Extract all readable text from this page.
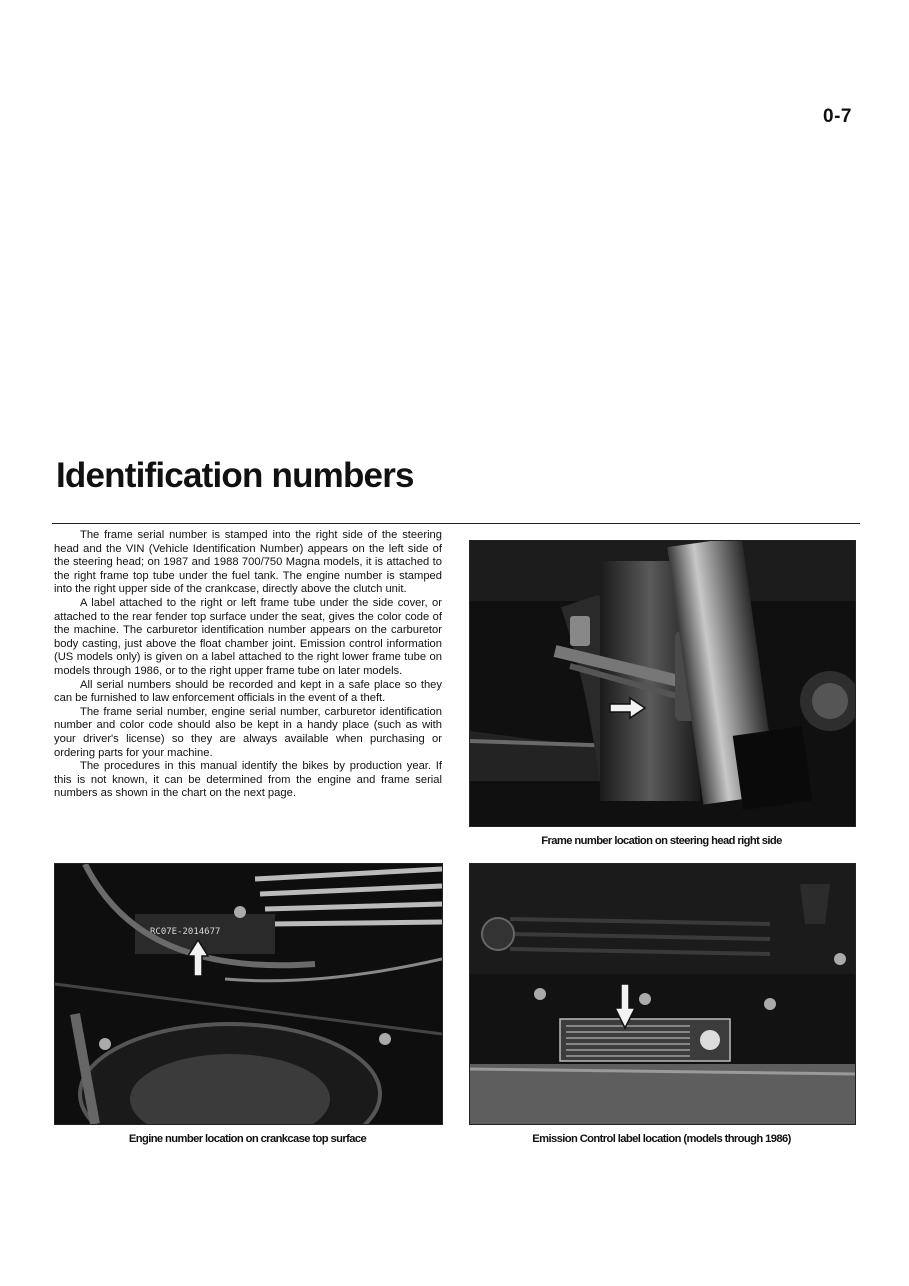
0-7
Identification numbers

The frame serial number is stamped into the right side of the steering head and the VIN (Vehicle Identification Number) appears on the left side of the steering head; on 1987 and 1988 700/750 Magna models, it is attached to the right frame top tube under the fuel tank. The engine number is stamped into the right upper side of the crankcase, directly above the clutch unit.

A label attached to the right or left frame tube under the side cover, or attached to the rear fender top surface under the seat, gives the color code of the machine. The carburetor identification number appears on the carburetor body casting, just above the float chamber joint. Emission control information (US models only) is given on a label attached to the right lower frame tube on models through 1986, or to the right upper frame tube on later models.

All serial numbers should be recorded and kept in a safe place so they can be furnished to law enforcement officials in the event of a theft.

The frame serial number, engine serial number, carburetor identification number and color code should also be kept in a handy place (such as with your driver's license) so they are always available when purchasing or ordering parts for your machine.

The procedures in this manual identify the bikes by production year. If this is not known, it can be determined from the engine and frame serial numbers as shown in the chart on the next page.

Frame number location on steering head right side
RC07E-2014677
Engine number location on crankcase top surface	Emission Control label location (models through 1986)
